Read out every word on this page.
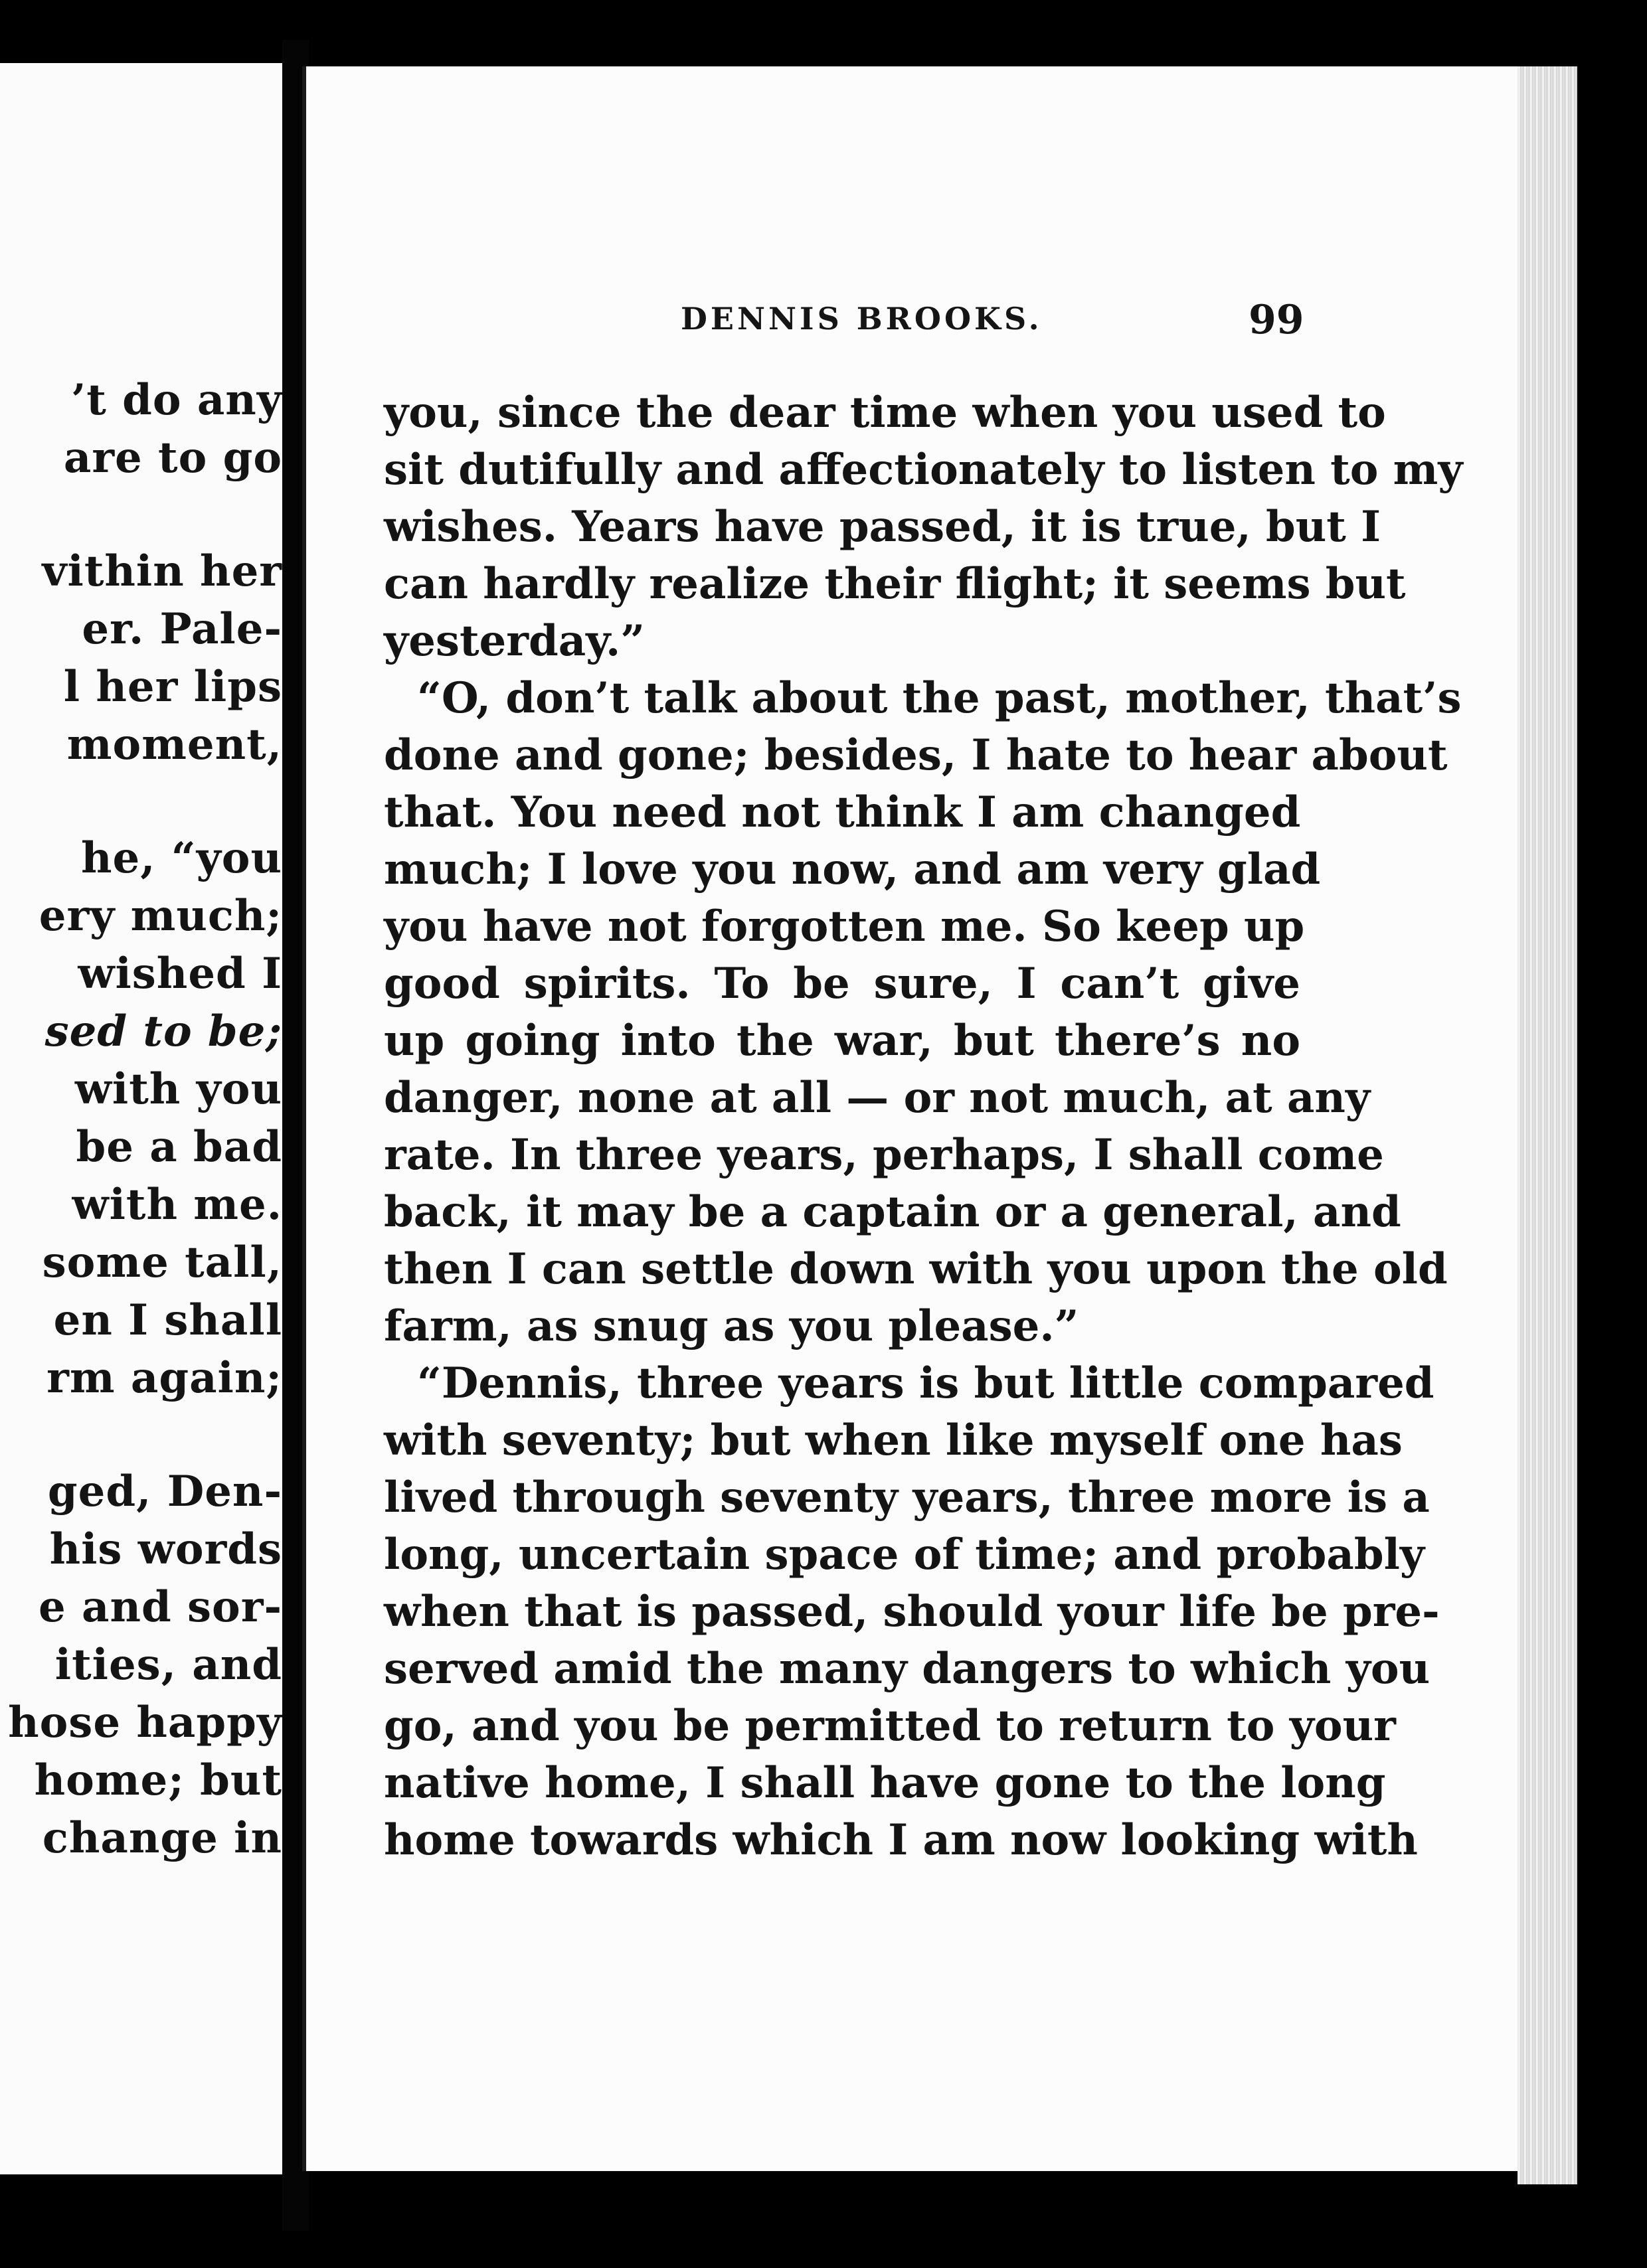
’t do any
are to go
vithin her
er. Pale-
l her lips
moment,
he, “you
ery much;
wished I
sed to be;
with you
be a bad
with me.
some tall,
en I shall
rm again;
ged, Den-
his words
e and sor-
ities, and
hose happy
home; but
change in
DENNIS BROOKS.	99
you, since the dear time when you used to
sit dutifully and affectionately to listen to my
wishes. Years have passed, it is true, but I
can hardly realize their flight; it seems but
yesterday.”
“O, don’t talk about the past, mother, that’s
done and gone; besides, I hate to hear about
that. You need not think I am changed
much; I love you now, and am very glad
you have not forgotten me. So keep up
good spirits. To be sure, I can’t give
up going into the war, but there’s no
danger, none at all — or not much, at any
rate. In three years, perhaps, I shall come
back, it may be a captain or a general, and
then I can settle down with you upon the old
farm, as snug as you please.”
“Dennis, three years is but little compared
with seventy; but when like myself one has
lived through seventy years, three more is a
long, uncertain space of time; and probably
when that is passed, should your life be pre-
served amid the many dangers to which you
go, and you be permitted to return to your
native home, I shall have gone to the long
home towards which I am now looking with
